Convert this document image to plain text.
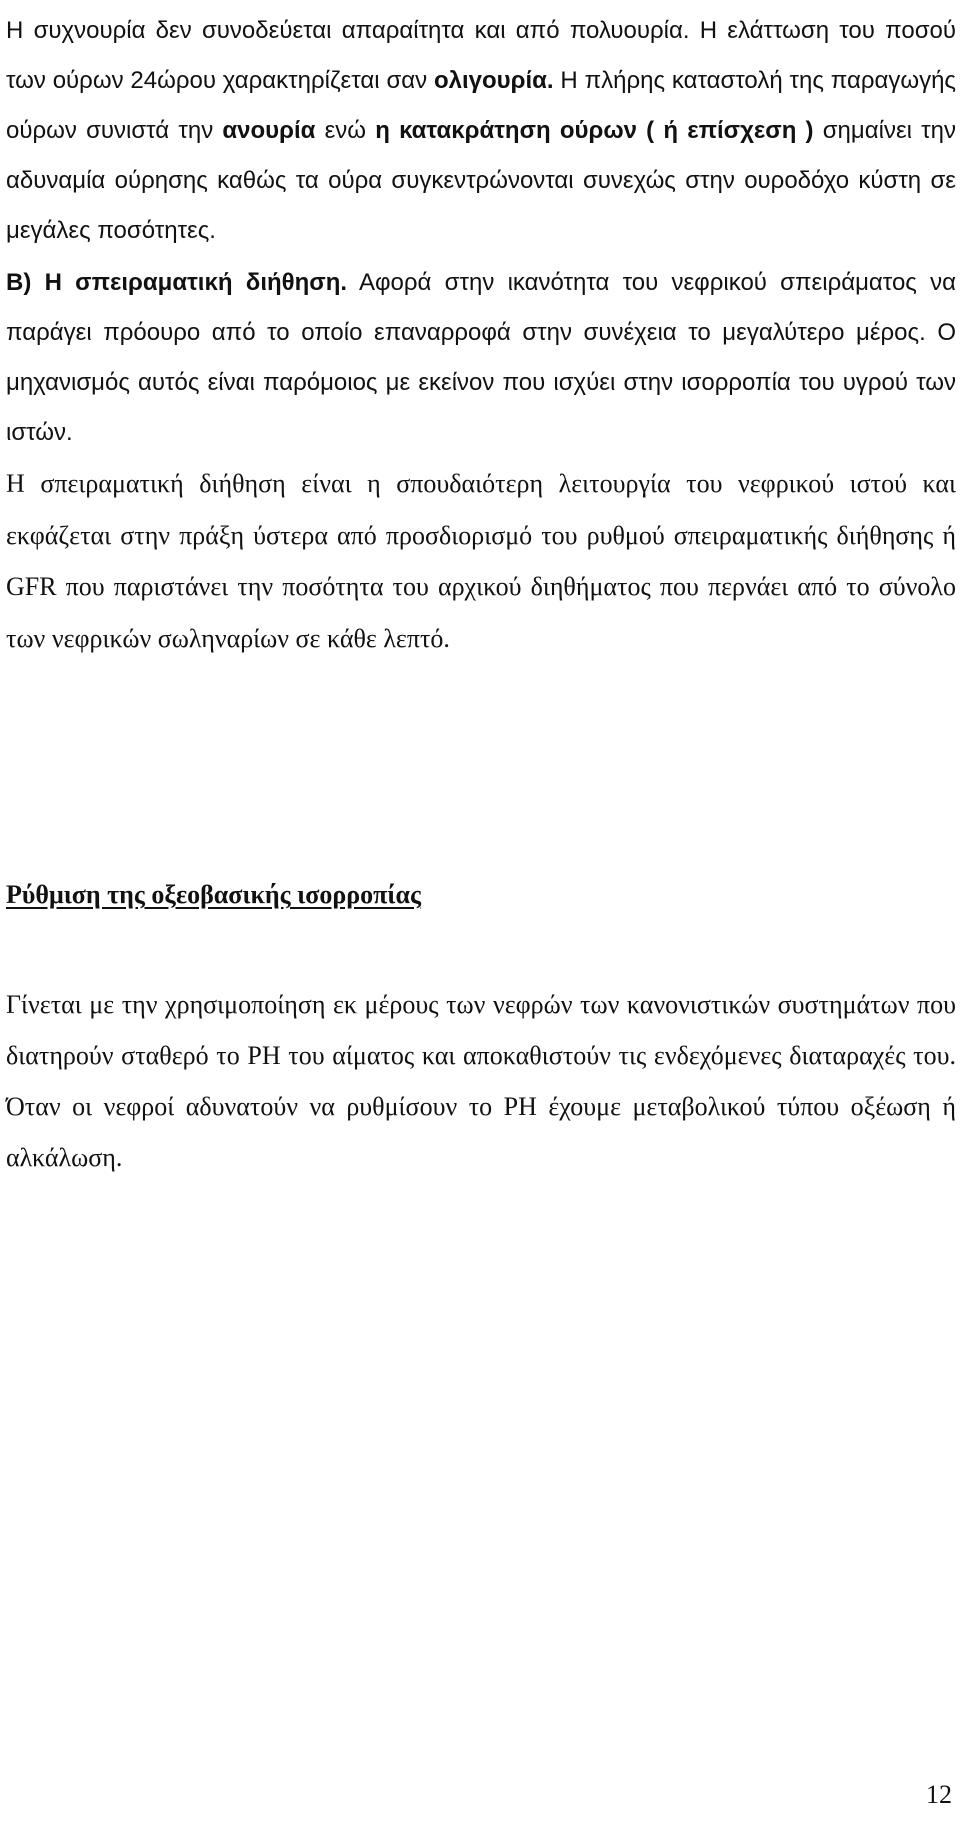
Η συχνουρία δεν συνοδεύεται απαραίτητα και από πολυουρία. Η ελάττωση του ποσού των ούρων 24ώρου χαρακτηρίζεται σαν ολιγουρία. Η πλήρης καταστολή της παραγωγής ούρων συνιστά την ανουρία ενώ η κατακράτηση ούρων ( ή επίσχεση ) σημαίνει την αδυναμία ούρησης καθώς τα ούρα συγκεντρώνονται συνεχώς στην ουροδόχο κύστη σε μεγάλες ποσότητες.

Β) Η σπειραματική διήθηση. Αφορά στην ικανότητα του νεφρικού σπειράματος να παράγει πρόουρο από το οποίο επαναρροφά στην συνέχεια το μεγαλύτερο μέρος. Ο μηχανισμός αυτός είναι παρόμοιος με εκείνον που ισχύει στην ισορροπία του υγρού των ιστών.

Η σπειραματική διήθηση είναι η σπουδαιότερη λειτουργία του νεφρικού ιστού και εκφάζεται στην πράξη ύστερα από προσδιορισμό του ρυθμού σπειραματικής διήθησης ή GFR που παριστάνει την ποσότητα του αρχικού διηθήματος που περνάει από το σύνολο των νεφρικών σωληναρίων σε κάθε λεπτό.

Ρύθμιση της οξεοβασικής ισορροπίας

Γίνεται με την χρησιμοποίηση εκ μέρους των νεφρών των κανονιστικών συστημάτων που διατηρούν σταθερό το PH του αίματος και αποκαθιστούν τις ενδεχόμενες διαταραχές του. Όταν οι νεφροί αδυνατούν να ρυθμίσουν το PH έχουμε μεταβολικού τύπου οξέωση ή αλκάλωση.

12
